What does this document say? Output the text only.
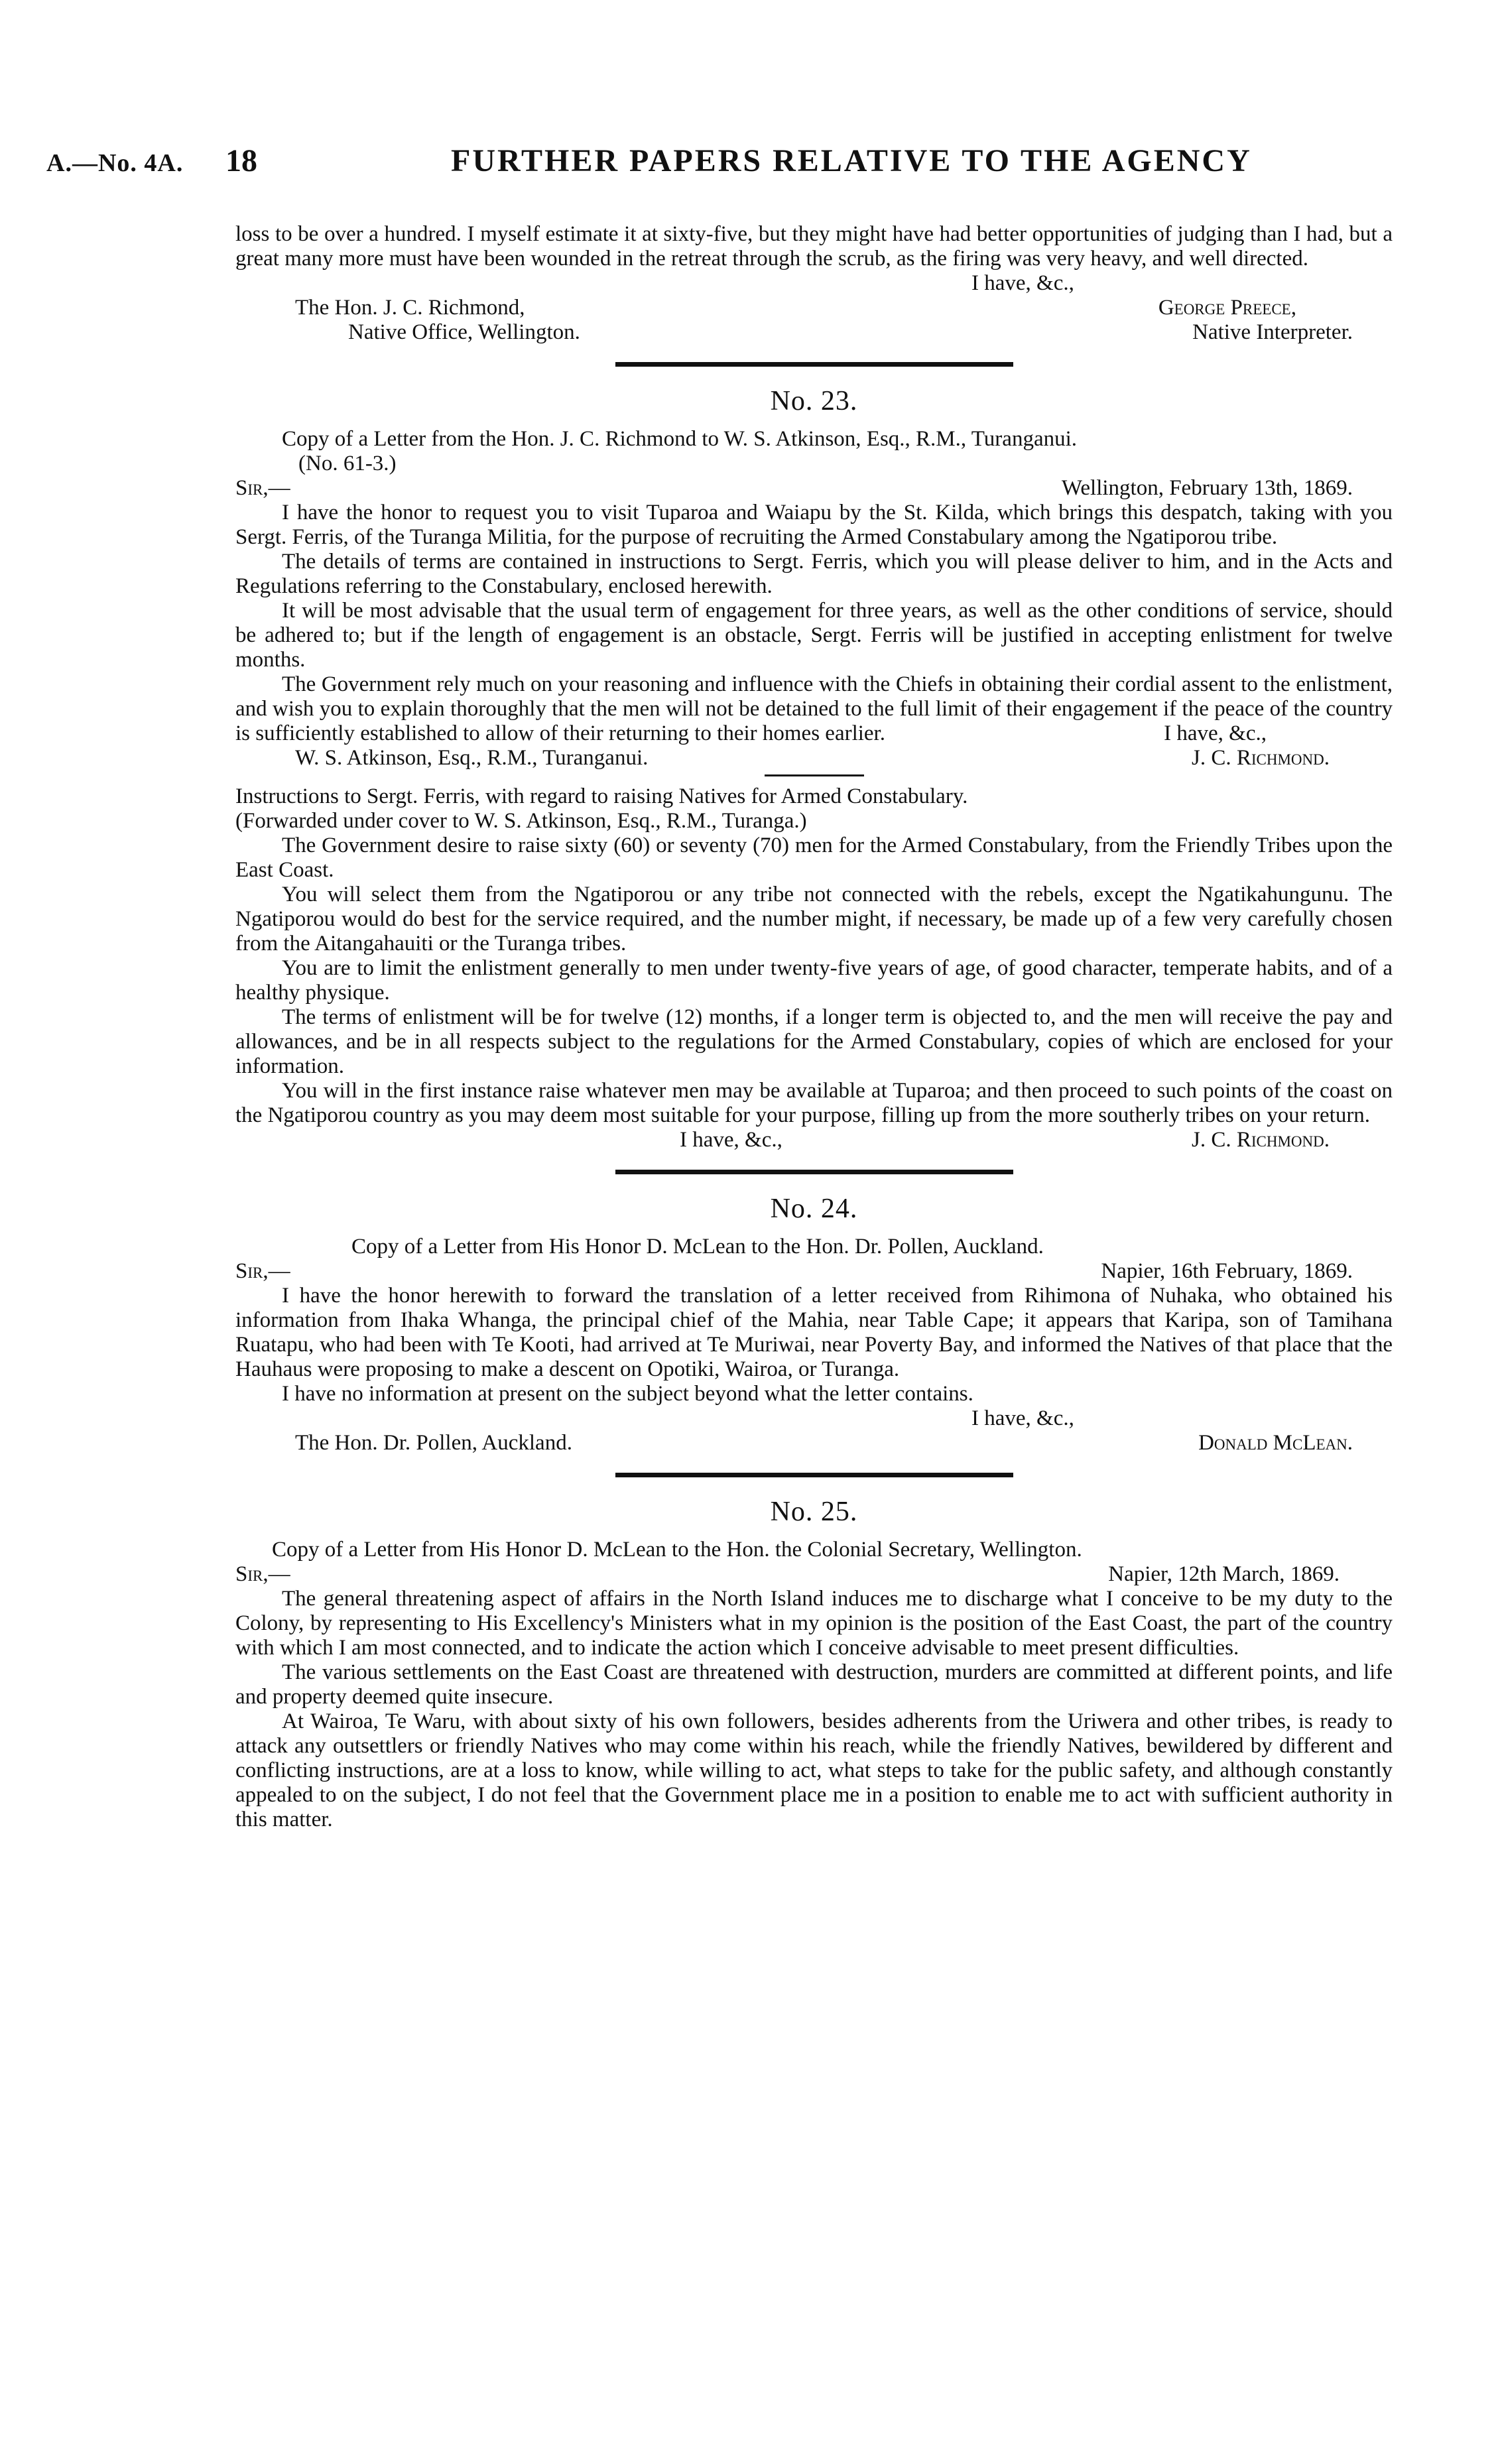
A.—No. 4A. 18	FURTHER PAPERS RELATIVE TO THE AGENCY

loss to be over a hundred. I myself estimate it at sixty-five, but they might have had better opportunities of judging than I had, but a great many more must have been wounded in the retreat through the scrub, as the firing was very heavy, and well directed.

I have, &c.,

The Hon. J. C. Richmond,	George Preece,
Native Office, Wellington.	Native Interpreter.
No. 23.

Copy of a Letter from the Hon. J. C. Richmond to W. S. Atkinson, Esq., R.M., Turanganui.

(No. 61-3.)

Sir,—	Wellington, February 13th, 1869.

I have the honor to request you to visit Tuparoa and Waiapu by the St. Kilda, which brings this despatch, taking with you Sergt. Ferris, of the Turanga Militia, for the purpose of recruiting the Armed Constabulary among the Ngatiporou tribe.

The details of terms are contained in instructions to Sergt. Ferris, which you will please deliver to him, and in the Acts and Regulations referring to the Constabulary, enclosed herewith.

It will be most advisable that the usual term of engagement for three years, as well as the other conditions of service, should be adhered to; but if the length of engagement is an obstacle, Sergt. Ferris will be justified in accepting enlistment for twelve months.

The Government rely much on your reasoning and influence with the Chiefs in obtaining their cordial assent to the enlistment, and wish you to explain thoroughly that the men will not be detained to the full limit of their engagement if the peace of the country is sufficiently established to allow of their returning to their homes earlier.	I have, &c.,

W. S. Atkinson, Esq., R.M., Turanganui.	J. C. Richmond.

Instructions to Sergt. Ferris, with regard to raising Natives for Armed Constabulary.

(Forwarded under cover to W. S. Atkinson, Esq., R.M., Turanga.)

The Government desire to raise sixty (60) or seventy (70) men for the Armed Constabulary, from the Friendly Tribes upon the East Coast.

You will select them from the Ngatiporou or any tribe not connected with the rebels, except the Ngatikahungunu. The Ngatiporou would do best for the service required, and the number might, if necessary, be made up of a few very carefully chosen from the Aitangahauiti or the Turanga tribes.

You are to limit the enlistment generally to men under twenty-five years of age, of good character, temperate habits, and of a healthy physique.

The terms of enlistment will be for twelve (12) months, if a longer term is objected to, and the men will receive the pay and allowances, and be in all respects subject to the regulations for the Armed Constabulary, copies of which are enclosed for your information.

You will in the first instance raise whatever men may be available at Tuparoa; and then proceed to such points of the coast on the Ngatiporou country as you may deem most suitable for your purpose, filling up from the more southerly tribes on your return.

I have, &c.,	J. C. Richmond.
No. 24.

Copy of a Letter from His Honor D. McLean to the Hon. Dr. Pollen, Auckland.

Sir,—	Napier, 16th February, 1869.

I have the honor herewith to forward the translation of a letter received from Rihimona of Nuhaka, who obtained his information from Ihaka Whanga, the principal chief of the Mahia, near Table Cape; it appears that Karipa, son of Tamihana Ruatapu, who had been with Te Kooti, had arrived at Te Muriwai, near Poverty Bay, and informed the Natives of that place that the Hauhaus were proposing to make a descent on Opotiki, Wairoa, or Turanga.

I have no information at present on the subject beyond what the letter contains.

I have, &c.,

The Hon. Dr. Pollen, Auckland.	Donald McLean.
No. 25.

Copy of a Letter from His Honor D. McLean to the Hon. the Colonial Secretary, Wellington.

Sir,—	Napier, 12th March, 1869.

The general threatening aspect of affairs in the North Island induces me to discharge what I conceive to be my duty to the Colony, by representing to His Excellency's Ministers what in my opinion is the position of the East Coast, the part of the country with which I am most connected, and to indicate the action which I conceive advisable to meet present difficulties.

The various settlements on the East Coast are threatened with destruction, murders are committed at different points, and life and property deemed quite insecure.

At Wairoa, Te Waru, with about sixty of his own followers, besides adherents from the Uriwera and other tribes, is ready to attack any outsettlers or friendly Natives who may come within his reach, while the friendly Natives, bewildered by different and conflicting instructions, are at a loss to know, while willing to act, what steps to take for the public safety, and although constantly appealed to on the subject, I do not feel that the Government place me in a position to enable me to act with sufficient authority in this matter.
